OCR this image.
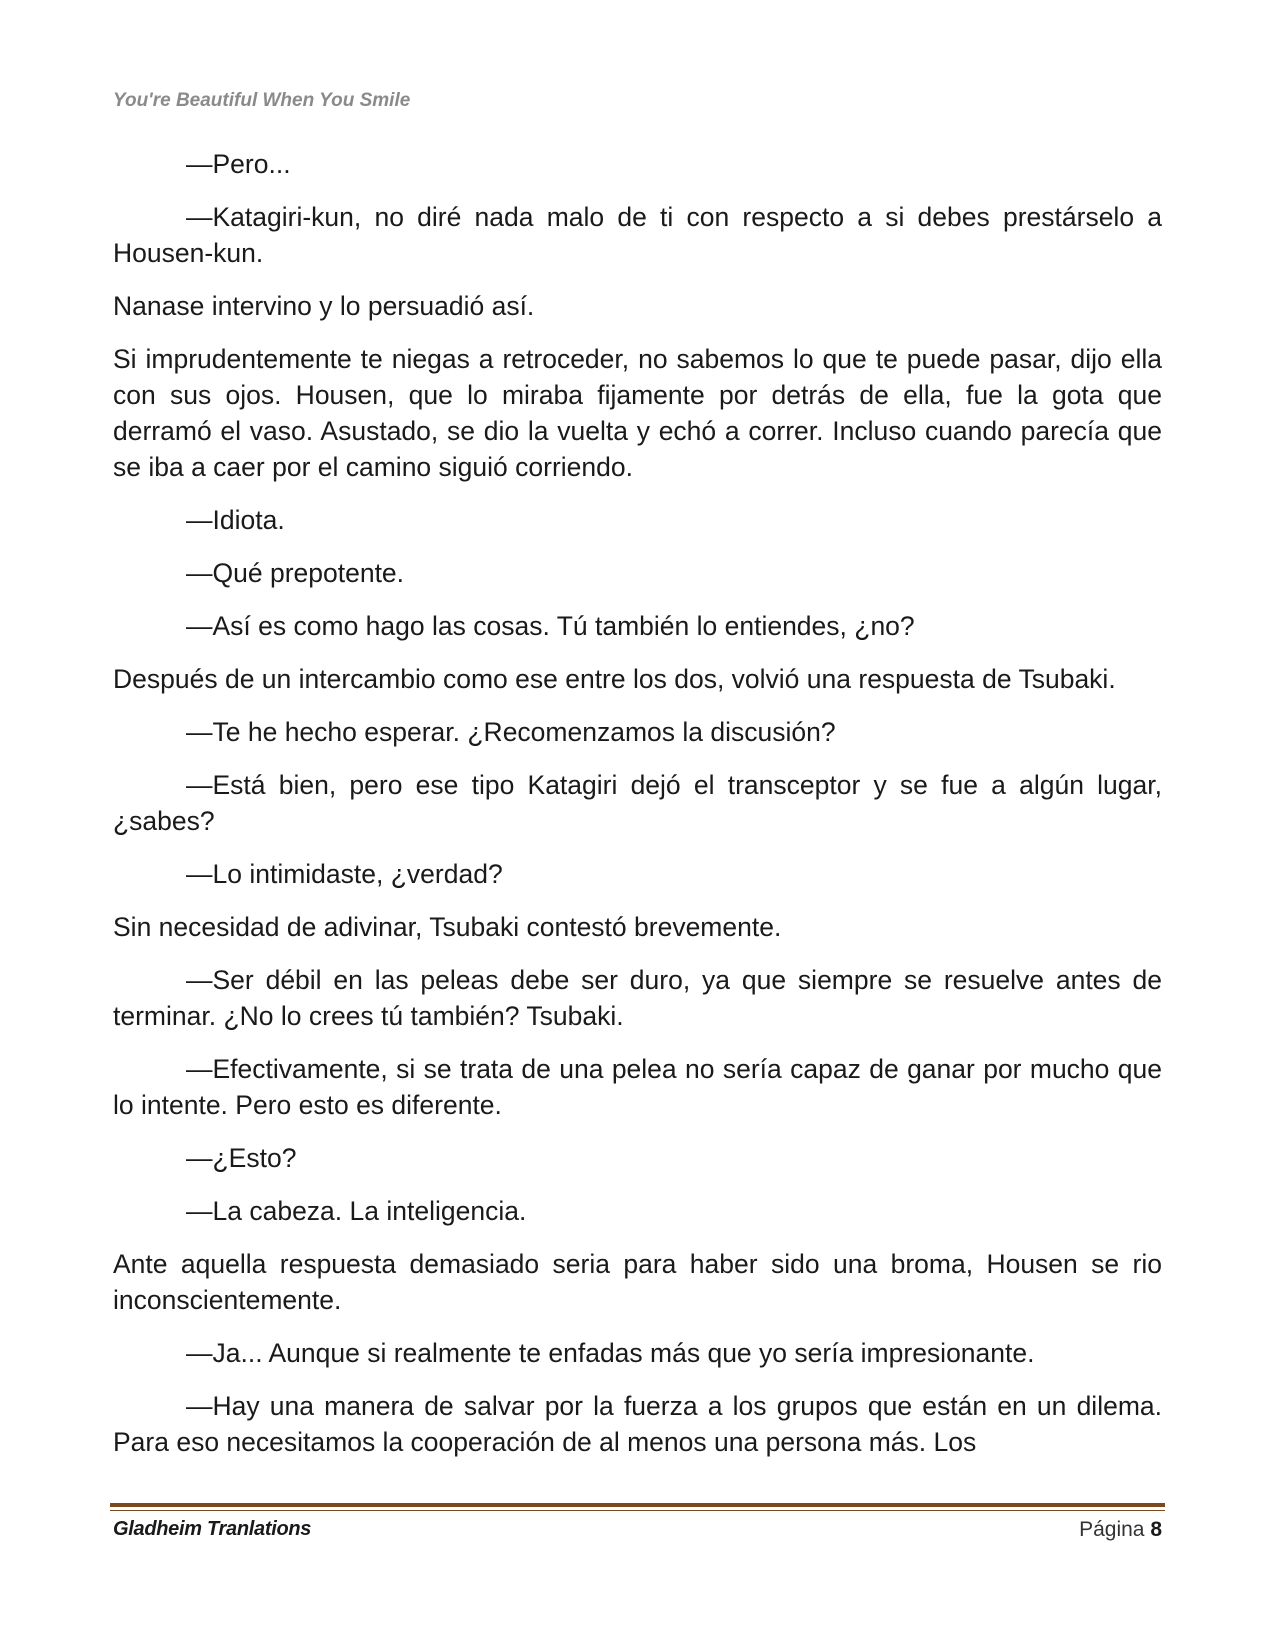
You're Beautiful When You Smile

—Pero...

—Katagiri-kun, no diré nada malo de ti con respecto a si debes prestárselo a Housen-kun.

Nanase intervino y lo persuadió así.

Si imprudentemente te niegas a retroceder, no sabemos lo que te puede pasar, dijo ella con sus ojos. Housen, que lo miraba fijamente por detrás de ella, fue la gota que derramó el vaso. Asustado, se dio la vuelta y echó a correr. Incluso cuando parecía que se iba a caer por el camino siguió corriendo.

—Idiota.

—Qué prepotente.

—Así es como hago las cosas. Tú también lo entiendes, ¿no?

Después de un intercambio como ese entre los dos, volvió una respuesta de Tsubaki.

—Te he hecho esperar. ¿Recomenzamos la discusión?

—Está bien, pero ese tipo Katagiri dejó el transceptor y se fue a algún lugar, ¿sabes?

—Lo intimidaste, ¿verdad?

Sin necesidad de adivinar, Tsubaki contestó brevemente.

—Ser débil en las peleas debe ser duro, ya que siempre se resuelve antes de terminar. ¿No lo crees tú también? Tsubaki.

—Efectivamente, si se trata de una pelea no sería capaz de ganar por mucho que lo intente. Pero esto es diferente.

—¿Esto?

—La cabeza. La inteligencia.

Ante aquella respuesta demasiado seria para haber sido una broma, Housen se rio inconscientemente.

—Ja... Aunque si realmente te enfadas más que yo sería impresionante.

—Hay una manera de salvar por la fuerza a los grupos que están en un dilema. Para eso necesitamos la cooperación de al menos una persona más. Los

Gladheim Tranlations	Página 8
